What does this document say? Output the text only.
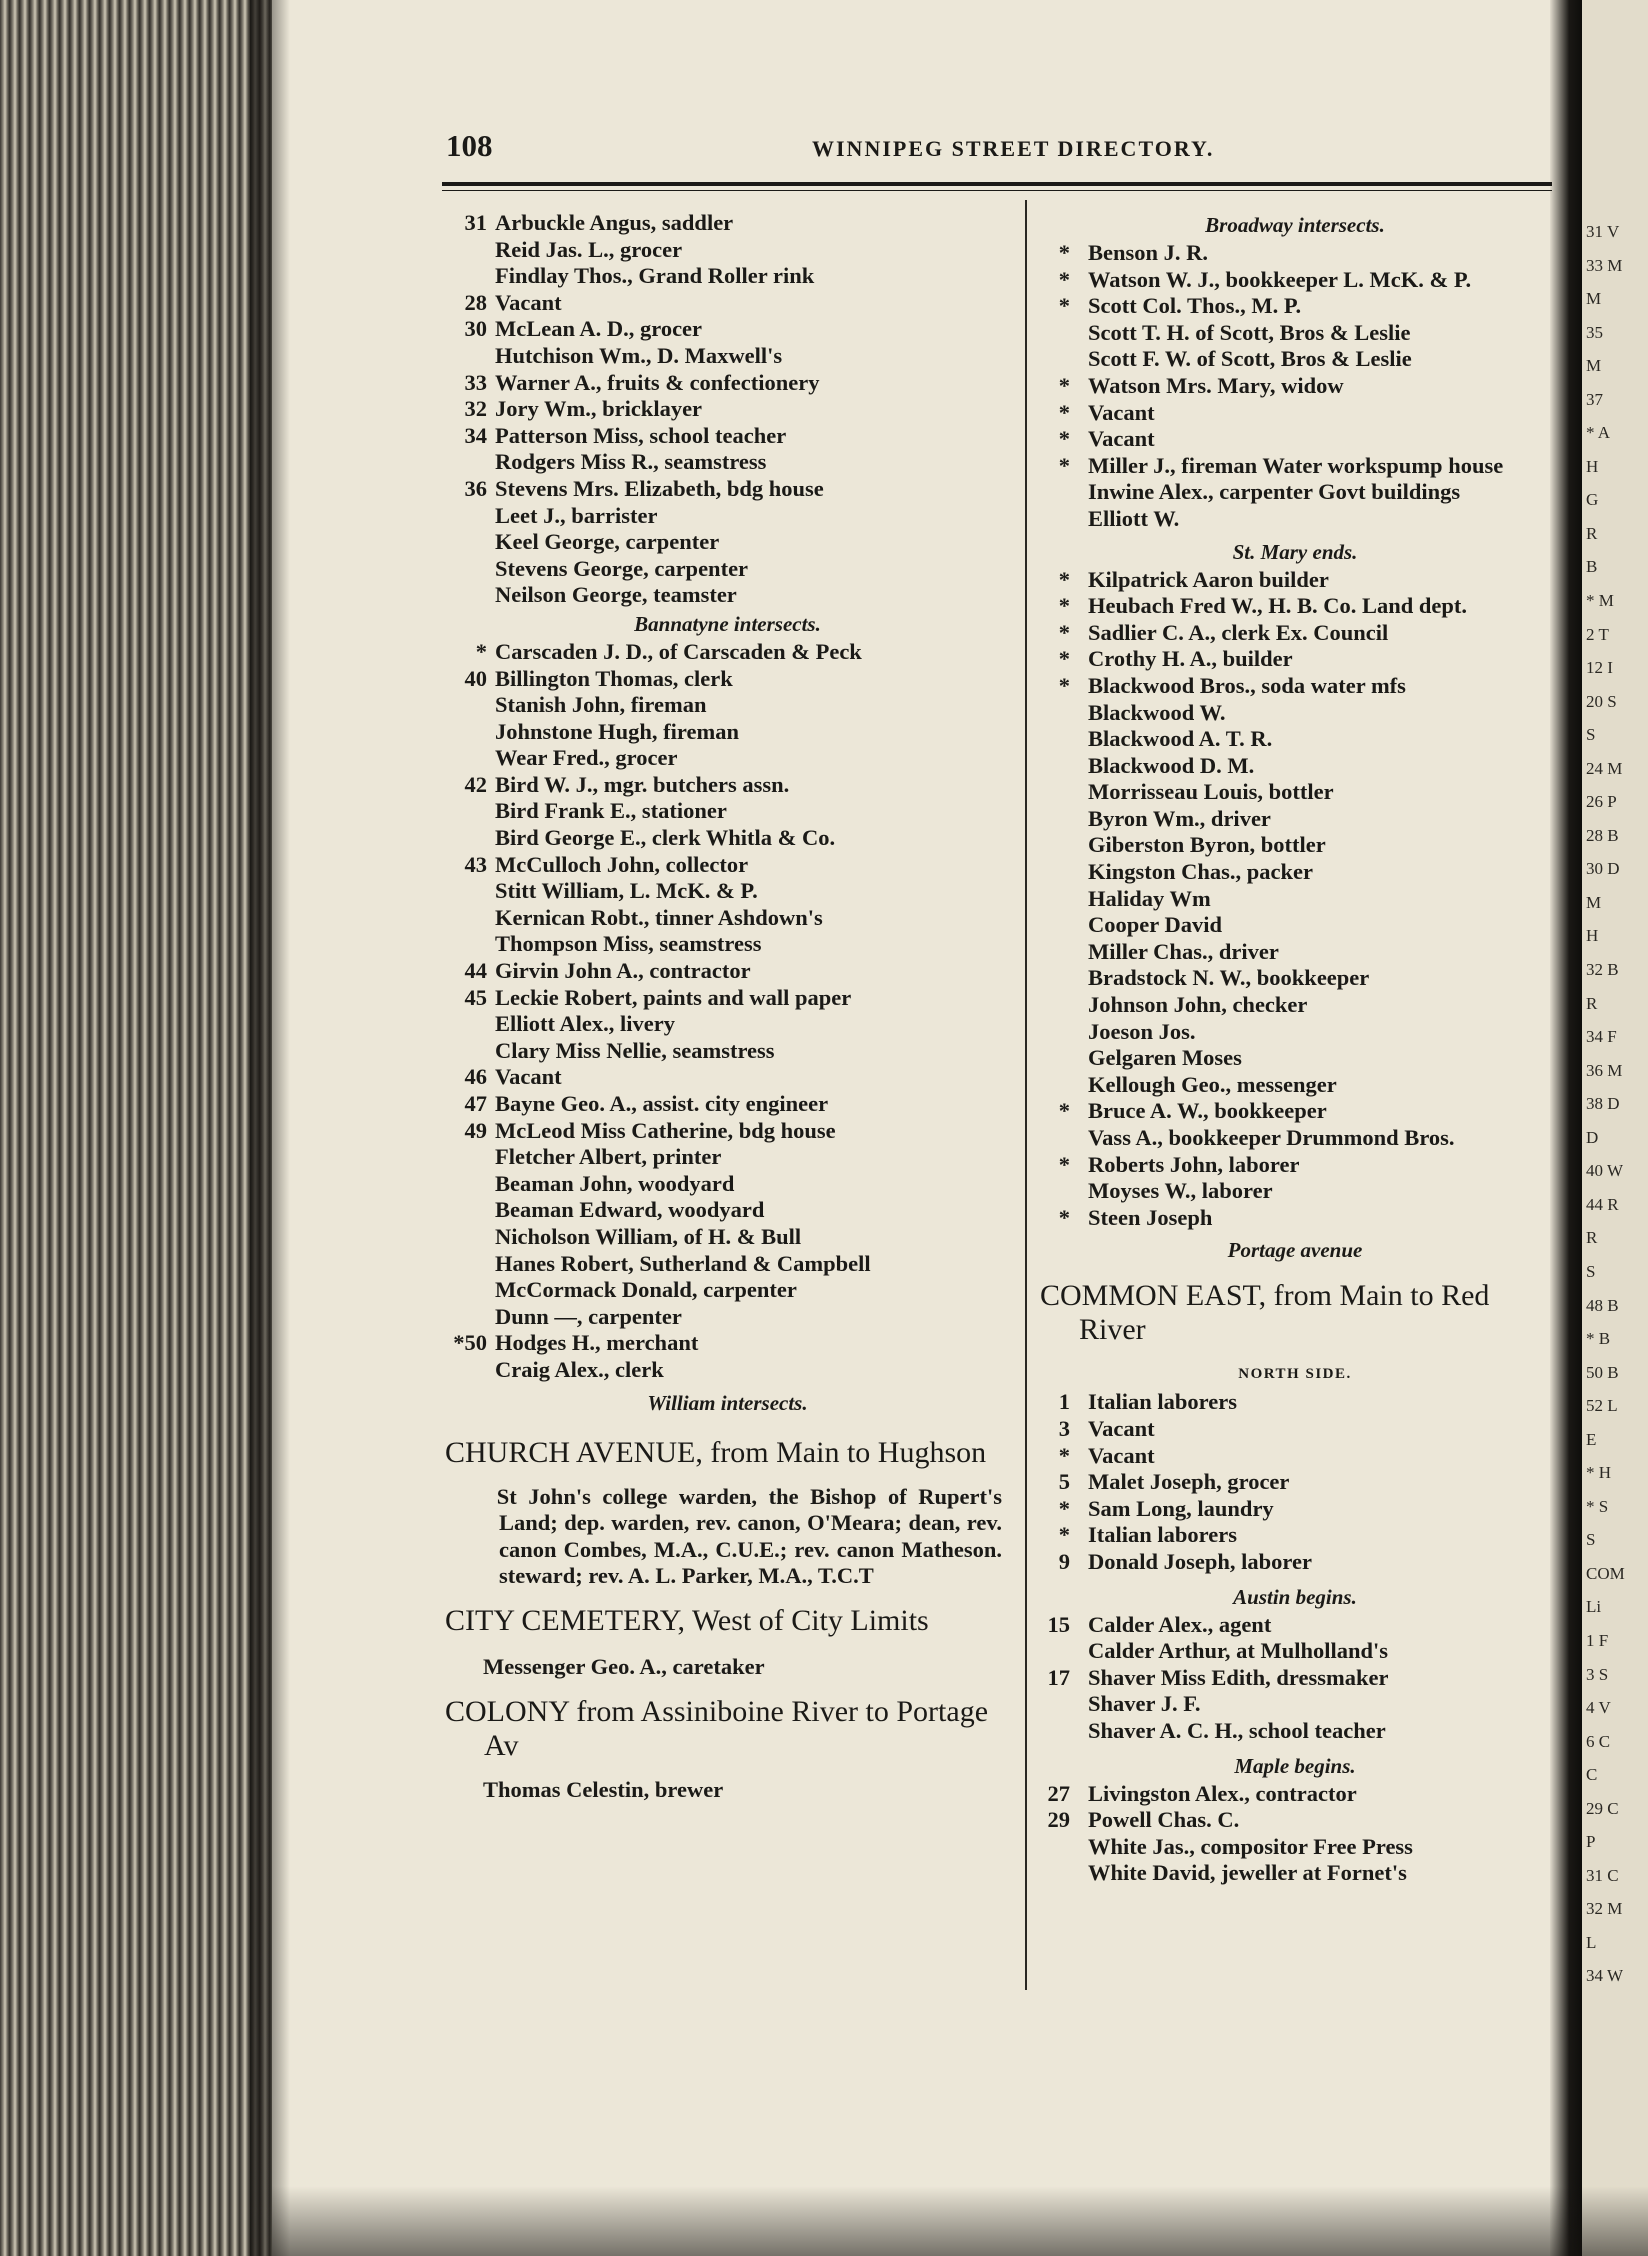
108	WINNIPEG STREET DIRECTORY.
31 Arbuckle Angus, saddler
Reid Jas. L., grocer
Findlay Thos., Grand Roller rink
28 Vacant
30 McLean A. D., grocer
Hutchison Wm., D. Maxwell's
33 Warner A., fruits & confectionery
32 Jory Wm., bricklayer
34 Patterson Miss, school teacher
Rodgers Miss R., seamstress
36 Stevens Mrs. Elizabeth, bdg house
Leet J., barrister
Keel George, carpenter
Stevens George, carpenter
Neilson George, teamster
Bannatyne intersects.
* Carscaden J. D., of Carscaden & Peck
40 Billington Thomas, clerk
Stanish John, fireman
Johnstone Hugh, fireman
Wear Fred., grocer
42 Bird W. J., mgr. butchers assn.
Bird Frank E., stationer
Bird George E., clerk Whitla & Co.
43 McCulloch John, collector
Stitt William, L. McK. & P.
Kernican Robt., tinner Ashdown's
Thompson Miss, seamstress
44 Girvin John A., contractor
45 Leckie Robert, paints and wall paper
Elliott Alex., livery
Clary Miss Nellie, seamstress
46 Vacant
47 Bayne Geo. A., assist. city engineer
49 McLeod Miss Catherine, bdg house
Fletcher Albert, printer
Beaman John, woodyard
Beaman Edward, woodyard
Nicholson William, of H. & Bull
Hanes Robert, Sutherland & Campbell
McCormack Donald, carpenter
Dunn —, carpenter
*50 Hodges H., merchant
Craig Alex., clerk
William intersects.
CHURCH AVENUE, from Main to Hughson
St John's college warden, the Bishop of Rupert's Land; dep. warden, rev. canon, O'Meara; dean, rev. canon Combes, M.A., C.U.E.; rev. canon Matheson. steward; rev. A. L. Parker, M.A., T.C.T
CITY CEMETERY, West of City Limits
Messenger Geo. A., caretaker
COLONY from Assiniboine River to Portage Av
Thomas Celestin, brewer
Broadway intersects.
* Benson J. R.
* Watson W. J., bookkeeper L. McK. & P.
* Scott Col. Thos., M. P.
Scott T. H. of Scott, Bros & Leslie
Scott F. W. of Scott, Bros & Leslie
* Watson Mrs. Mary, widow
* Vacant
* Vacant
* Miller J., fireman Water workspump house
Inwine Alex., carpenter Govt buildings
Elliott W.
St. Mary ends.
* Kilpatrick Aaron builder
* Heubach Fred W., H. B. Co. Land dept.
* Sadlier C. A., clerk Ex. Council
* Crothy H. A., builder
* Blackwood Bros., soda water mfs
Blackwood W.
Blackwood A. T. R.
Blackwood D. M.
Morrisseau Louis, bottler
Byron Wm., driver
Giberston Byron, bottler
Kingston Chas., packer
Haliday Wm
Cooper David
Miller Chas., driver
Bradstock N. W., bookkeeper
Johnson John, checker
Joeson Jos.
Gelgaren Moses
Kellough Geo., messenger
* Bruce A. W., bookkeeper
Vass A., bookkeeper Drummond Bros.
* Roberts John, laborer
Moyses W., laborer
* Steen Joseph
Portage avenue
COMMON EAST, from Main to Red River
NORTH SIDE.
1 Italian laborers
3 Vacant
* Vacant
5 Malet Joseph, grocer
* Sam Long, laundry
* Italian laborers
9 Donald Joseph, laborer
Austin begins.
15 Calder Alex., agent
Calder Arthur, at Mulholland's
17 Shaver Miss Edith, dressmaker
Shaver J. F.
Shaver A. C. H., school teacher
Maple begins.
27 Livingston Alex., contractor
29 Powell Chas. C.
White Jas., compositor Free Press
White David, jeweller at Fornet's
31 V
33 M
M
35
M
37
* A
H
G
R
B
* M
2 T
12 I
20 S
S
24 M
26 P
28 B
30 D
M
H
32 B
R
34 F
36 M
38 D
D
40 W
44 R
R
S
48 B
* B
50 B
52 L
E
* H
* S
S
COM
Li
1 F
3 S
4 V
6 C
C
29 C
P
31 C
32 M
L
34 W
